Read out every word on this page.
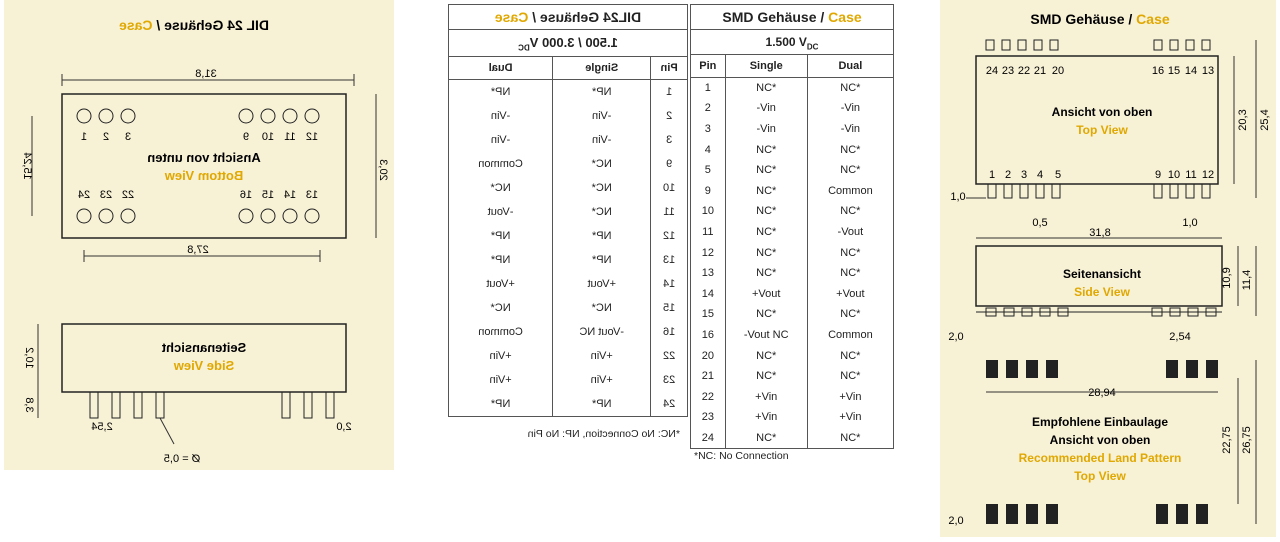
DIL 24 Gehäuse / Case
31,8
20,3
15,24
12
11
10
9
3
2
1
Ansicht von unten
Bottom View
13
14
15
16
22
23
24
27,8
Seitenansicht
Side View
10,2
3,8
2,0
2,54
Ø = 0,5
DIL24 Gehäuse / Case
1.500 / 3.000 $V_{DC}$
Pin	Single	Dual
1	NP*	NP*
2	-Vin	-Vin
3	-Vin	-Vin
9	NC*	Common
10	NC*	NC*
11	NC*	-Vout
12	NP*	NP*
13	NP*	NP*
14	+Vout	+Vout
15	NC*	NC*
16	-Vout NC	Common
22	+Vin	+Vin
23	+Vin	+Vin
24	NP*	NP*
*NC: No Connection, NP: No Pin
SMD Gehäuse / Case
1.500 $V_{DC}$
Pin	Single	Dual
1	NC*	NC*
2	-Vin	-Vin
3	-Vin	-Vin
4	NC*	NC*
5	NC*	NC*
9	NC*	Common
10	NC*	NC*
11	NC*	-Vout
12	NC*	NC*
13	NC*	NC*
14	+Vout	+Vout
15	NC*	NC*
16	-Vout NC	Common
20	NC*	NC*
21	NC*	NC*
22	+Vin	+Vin
23	+Vin	+Vin
24	NC*	NC*
*NC: No Connection
SMD Gehäuse / Case
24 23 22 21 20	16 15 14 13
Ansicht von oben
Top View
1 2 3 4 5	9 10 11 12
1,0
0,5	1,0
20,3 25,4
31,8
Seitenansicht
Side View
10,9 11,4
2,0	2,54
28,94
Empfohlene Einbaulage
Ansicht von oben
Recommended Land Pattern
Top View
22,75 26,75
2,0
